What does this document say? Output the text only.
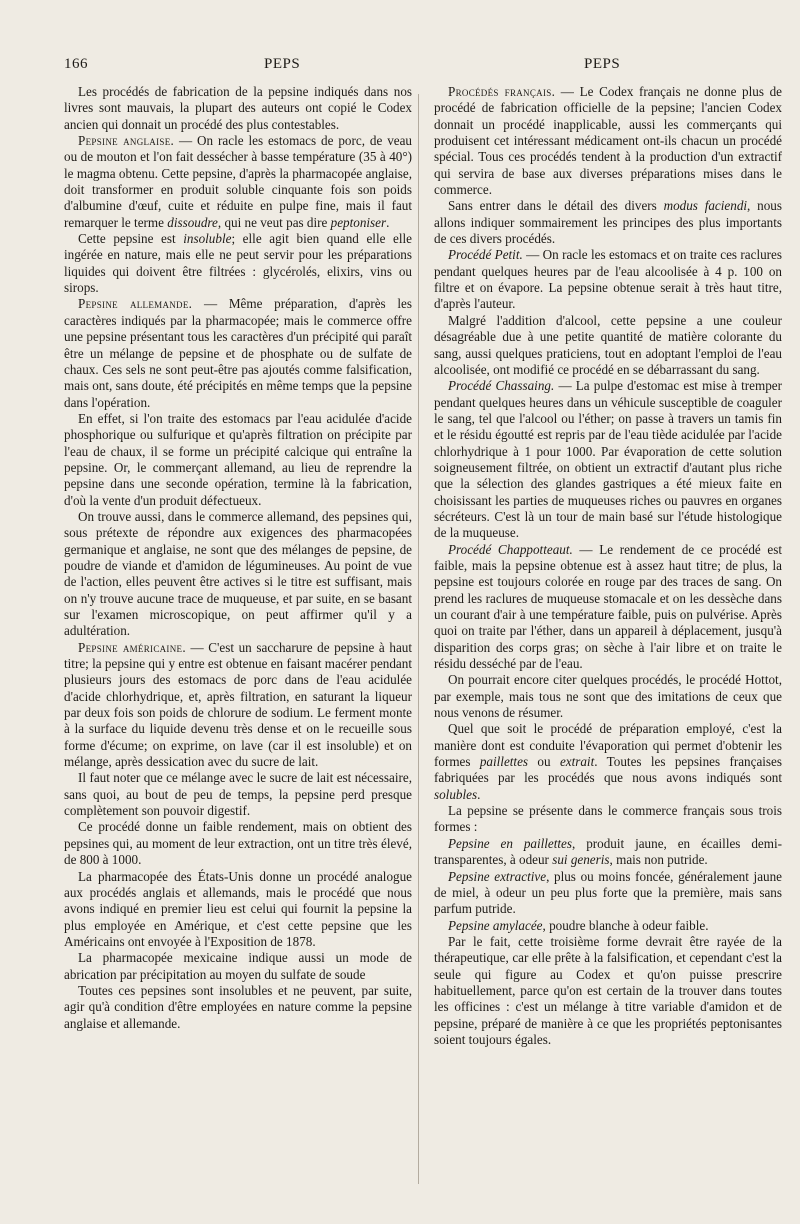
166	PEPS	PEPS

Les procédés de fabrication de la pepsine indiqués dans nos livres sont mauvais, la plupart des auteurs ont copié le Codex ancien qui donnait un procédé des plus contestables.

Pepsine anglaise. — On racle les estomacs de porc, de veau ou de mouton et l'on fait dessécher à basse température (35 à 40°) le magma obtenu. Cette pepsine, d'après la pharmacopée anglaise, doit transformer en produit soluble cinquante fois son poids d'albumine d'œuf, cuite et réduite en pulpe fine, mais il faut remarquer le terme dissoudre, qui ne veut pas dire peptoniser.

Cette pepsine est insoluble; elle agit bien quand elle elle ingérée en nature, mais elle ne peut servir pour les préparations liquides qui doivent être filtrées : glycérolés, elixirs, vins ou sirops.

Pepsine allemande. — Même préparation, d'après les caractères indiqués par la pharmacopée; mais le commerce offre une pepsine présentant tous les caractères d'un précipité qui paraît être un mélange de pepsine et de phosphate ou de sulfate de chaux. Ces sels ne sont peut-être pas ajoutés comme falsification, mais ont, sans doute, été précipités en même temps que la pepsine dans l'opération.

En effet, si l'on traite des estomacs par l'eau acidulée d'acide phosphorique ou sulfurique et qu'après filtration on précipite par l'eau de chaux, il se forme un précipité calcique qui entraîne la pepsine. Or, le commerçant allemand, au lieu de reprendre la pepsine dans une seconde opération, termine là la fabrication, d'où la vente d'un produit défectueux.

On trouve aussi, dans le commerce allemand, des pepsines qui, sous prétexte de répondre aux exigences des pharmacopées germanique et anglaise, ne sont que des mélanges de pepsine, de poudre de viande et d'amidon de légumineuses. Au point de vue de l'action, elles peuvent être actives si le titre est suffisant, mais on n'y trouve aucune trace de muqueuse, et par suite, en se basant sur l'examen microscopique, on peut affirmer qu'il y a adultération.

Pepsine américaine. — C'est un saccharure de pepsine à haut titre; la pepsine qui y entre est obtenue en faisant macérer pendant plusieurs jours des estomacs de porc dans de l'eau acidulée d'acide chlorhydrique, et, après filtration, en saturant la liqueur par deux fois son poids de chlorure de sodium. Le ferment monte à la surface du liquide devenu très dense et on le recueille sous forme d'écume; on exprime, on lave (car il est insoluble) et on mélange, après dessication avec du sucre de lait.

Il faut noter que ce mélange avec le sucre de lait est nécessaire, sans quoi, au bout de peu de temps, la pepsine perd presque complètement son pouvoir digestif.

Ce procédé donne un faible rendement, mais on obtient des pepsines qui, au moment de leur extraction, ont un titre très élevé, de 800 à 1000.

La pharmacopée des États-Unis donne un procédé analogue aux procédés anglais et allemands, mais le procédé que nous avons indiqué en premier lieu est celui qui fournit la pepsine la plus employée en Amérique, et c'est cette pepsine que les Américains ont envoyée à l'Exposition de 1878.

La pharmacopée mexicaine indique aussi un mode de abrication par précipitation au moyen du sulfate de soude

Toutes ces pepsines sont insolubles et ne peuvent, par suite, agir qu'à condition d'être employées en nature comme la pepsine anglaise et allemande.

Procédés français. — Le Codex français ne donne plus de procédé de fabrication officielle de la pepsine; l'ancien Codex donnait un procédé inapplicable, aussi les commerçants qui produisent cet intéressant médicament ont-ils chacun un procédé spécial. Tous ces procédés tendent à la production d'un extractif qui servira de base aux diverses préparations mises dans le commerce.

Sans entrer dans le détail des divers modus faciendi, nous allons indiquer sommairement les principes des plus importants de ces divers procédés.

Procédé Petit. — On racle les estomacs et on traite ces raclures pendant quelques heures par de l'eau alcoolisée à 4 p. 100 on filtre et on évapore. La pepsine obtenue serait à très haut titre, d'après l'auteur.

Malgré l'addition d'alcool, cette pepsine a une couleur désagréable due à une petite quantité de matière colorante du sang, aussi quelques praticiens, tout en adoptant l'emploi de l'eau alcoolisée, ont modifié ce procédé en se débarrassant du sang.

Procédé Chassaing. — La pulpe d'estomac est mise à tremper pendant quelques heures dans un véhicule susceptible de coaguler le sang, tel que l'alcool ou l'éther; on passe à travers un tamis fin et le résidu égoutté est repris par de l'eau tiède acidulée par l'acide chlorhydrique à 1 pour 1000. Par évaporation de cette solution soigneusement filtrée, on obtient un extractif d'autant plus riche que la sélection des glandes gastriques a été mieux faite en choisissant les parties de muqueuses riches ou pauvres en organes sécréteurs. C'est là un tour de main basé sur l'étude histologique de la muqueuse.

Procédé Chappotteaut. — Le rendement de ce procédé est faible, mais la pepsine obtenue est à assez haut titre; de plus, la pepsine est toujours colorée en rouge par des traces de sang. On prend les raclures de muqueuse stomacale et on les dessèche dans un courant d'air à une température faible, puis on pulvérise. Après quoi on traite par l'éther, dans un appareil à déplacement, jusqu'à disparition des corps gras; on sèche à l'air libre et on traite le résidu desséché par de l'eau.

On pourrait encore citer quelques procédés, le procédé Hottot, par exemple, mais tous ne sont que des imitations de ceux que nous venons de résumer.

Quel que soit le procédé de préparation employé, c'est la manière dont est conduite l'évaporation qui permet d'obtenir les formes paillettes ou extrait. Toutes les pepsines françaises fabriquées par les procédés que nous avons indiqués sont solubles.

La pepsine se présente dans le commerce français sous trois formes :

Pepsine en paillettes, produit jaune, en écailles demi-transparentes, à odeur sui generis, mais non putride.

Pepsine extractive, plus ou moins foncée, généralement jaune de miel, à odeur un peu plus forte que la première, mais sans parfum putride.

Pepsine amylacée, poudre blanche à odeur faible.

Par le fait, cette troisième forme devrait être rayée de la thérapeutique, car elle prête à la falsification, et cependant c'est la seule qui figure au Codex et qu'on puisse prescrire habituellement, parce qu'on est certain de la trouver dans toutes les officines : c'est un mélange à titre variable d'amidon et de pepsine, préparé de manière à ce que les propriétés peptonisantes soient toujours égales.
